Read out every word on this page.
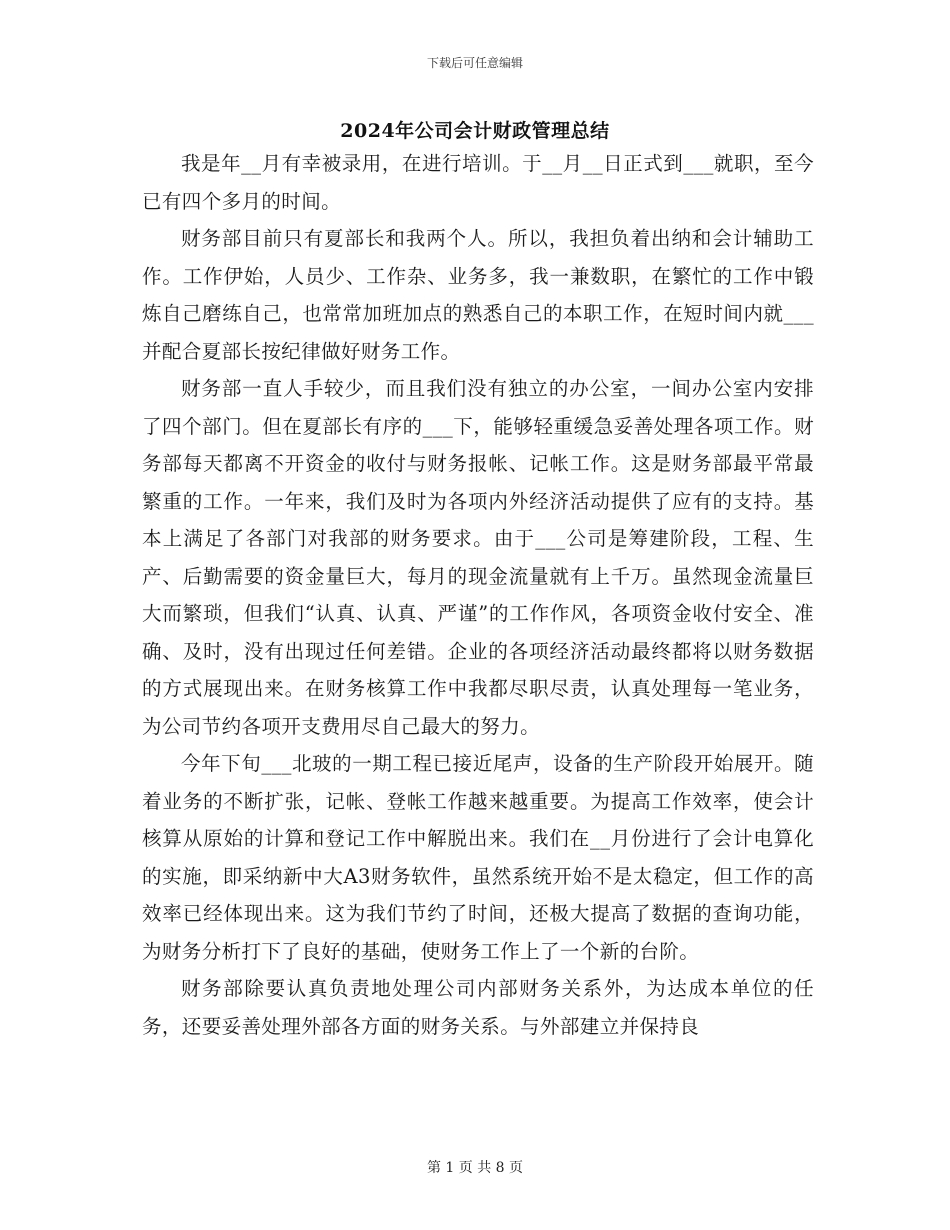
下载后可任意编辑
2024年公司会计财政管理总结

我是年__月有幸被录用，在进行培训。于__月__日正式到___就职，至今已有四个多月的时间。

财务部目前只有夏部长和我两个人。所以，我担负着出纳和会计辅助工作。工作伊始，人员少、工作杂、业务多，我一兼数职，在繁忙的工作中锻炼自己磨练自己，也常常加班加点的熟悉自己的本职工作，在短时间内就___并配合夏部长按纪律做好财务工作。

财务部一直人手较少，而且我们没有独立的办公室，一间办公室内安排了四个部门。但在夏部长有序的___下，能够轻重缓急妥善处理各项工作。财务部每天都离不开资金的收付与财务报帐、记帐工作。这是财务部最平常最繁重的工作。一年来，我们及时为各项内外经济活动提供了应有的支持。基本上满足了各部门对我部的财务要求。由于___公司是筹建阶段，工程、生产、后勤需要的资金量巨大，每月的现金流量就有上千万。虽然现金流量巨大而繁琐，但我们“认真、认真、严谨”的工作作风，各项资金收付安全、准确、及时，没有出现过任何差错。企业的各项经济活动最终都将以财务数据的方式展现出来。在财务核算工作中我都尽职尽责，认真处理每一笔业务，为公司节约各项开支费用尽自己最大的努力。

今年下旬___北玻的一期工程已接近尾声，设备的生产阶段开始展开。随着业务的不断扩张，记帐、登帐工作越来越重要。为提高工作效率，使会计核算从原始的计算和登记工作中解脱出来。我们在__月份进行了会计电算化的实施，即采纳新中大A3财务软件，虽然系统开始不是太稳定，但工作的高效率已经体现出来。这为我们节约了时间，还极大提高了数据的查询功能，为财务分析打下了良好的基础，使财务工作上了一个新的台阶。

财务部除要认真负责地处理公司内部财务关系外，为达成本单位的任务，还要妥善处理外部各方面的财务关系。与外部建立并保持良

第 1 页 共 8 页
